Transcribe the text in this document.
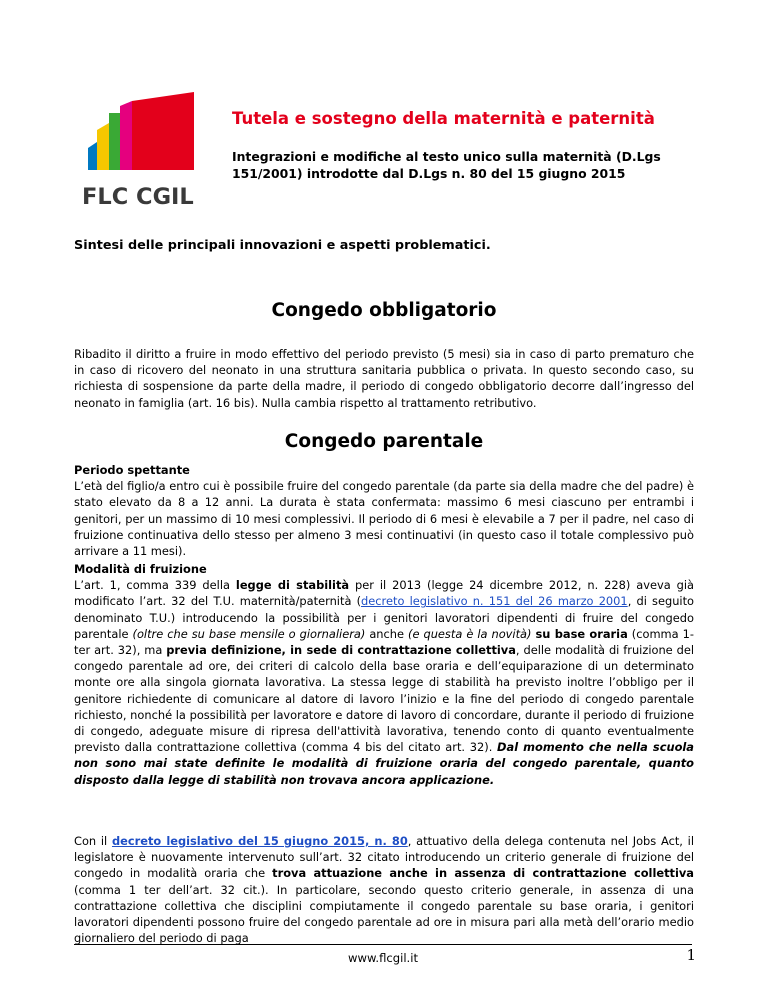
FLC CGIL
Tutela e sostegno della maternità e paternità

Integrazioni e modifiche al testo unico sulla maternità (D.Lgs 151/2001) introdotte dal D.Lgs n. 80 del 15 giugno 2015

Sintesi delle principali innovazioni e aspetti problematici.

Congedo obbligatorio

Ribadito il diritto a fruire in modo effettivo del periodo previsto (5 mesi) sia in caso di parto prematuro che in caso di ricovero del neonato in una struttura sanitaria pubblica o privata. In questo secondo caso, su richiesta di sospensione da parte della madre, il periodo di congedo obbligatorio decorre dall’ingresso del neonato in famiglia (art. 16 bis). Nulla cambia rispetto al trattamento retributivo.

Congedo parentale

Periodo spettante
L’età del figlio/a entro cui è possibile fruire del congedo parentale (da parte sia della madre che del padre) è stato elevato da 8 a 12 anni. La durata è stata confermata: massimo 6 mesi ciascuno per entrambi i genitori, per un massimo di 10 mesi complessivi. Il periodo di 6 mesi è elevabile a 7 per il padre, nel caso di fruizione continuativa dello stesso per almeno 3 mesi continuativi (in questo caso il totale complessivo può arrivare a 11 mesi).

Modalità di fruizione
L’art. 1, comma 339 della legge di stabilità per il 2013 (legge 24 dicembre 2012, n. 228) aveva già modificato l’art. 32 del T.U. maternità/paternità (decreto legislativo n. 151 del 26 marzo 2001, di seguito denominato T.U.) introducendo la possibilità per i genitori lavoratori dipendenti di fruire del congedo parentale (oltre che su base mensile o giornaliera) anche (e questa è la novità) su base oraria (comma 1-ter art. 32), ma previa definizione, in sede di contrattazione collettiva, delle modalità di fruizione del congedo parentale ad ore, dei criteri di calcolo della base oraria e dell’equiparazione di un determinato monte ore alla singola giornata lavorativa. La stessa legge di stabilità ha previsto inoltre l’obbligo per il genitore richiedente di comunicare al datore di lavoro l’inizio e la fine del periodo di congedo parentale richiesto, nonché la possibilità per lavoratore e datore di lavoro di concordare, durante il periodo di fruizione di congedo, adeguate misure di ripresa dell'attività lavorativa, tenendo conto di quanto eventualmente previsto dalla contrattazione collettiva (comma 4 bis del citato art. 32). Dal momento che nella scuola non sono mai state definite le modalità di fruizione oraria del congedo parentale, quanto disposto dalla legge di stabilità non trovava ancora applicazione.

Con il decreto legislativo del 15 giugno 2015, n. 80, attuativo della delega contenuta nel Jobs Act, il legislatore è nuovamente intervenuto sull’art. 32 citato introducendo un criterio generale di fruizione del congedo in modalità oraria che trova attuazione anche in assenza di contrattazione collettiva (comma 1 ter dell’art. 32 cit.). In particolare, secondo questo criterio generale, in assenza di una contrattazione collettiva che disciplini compiutamente il congedo parentale su base oraria, i genitori lavoratori dipendenti possono fruire del congedo parentale ad ore in misura pari alla metà dell’orario medio giornaliero del periodo di paga

www.flcgil.it	1
